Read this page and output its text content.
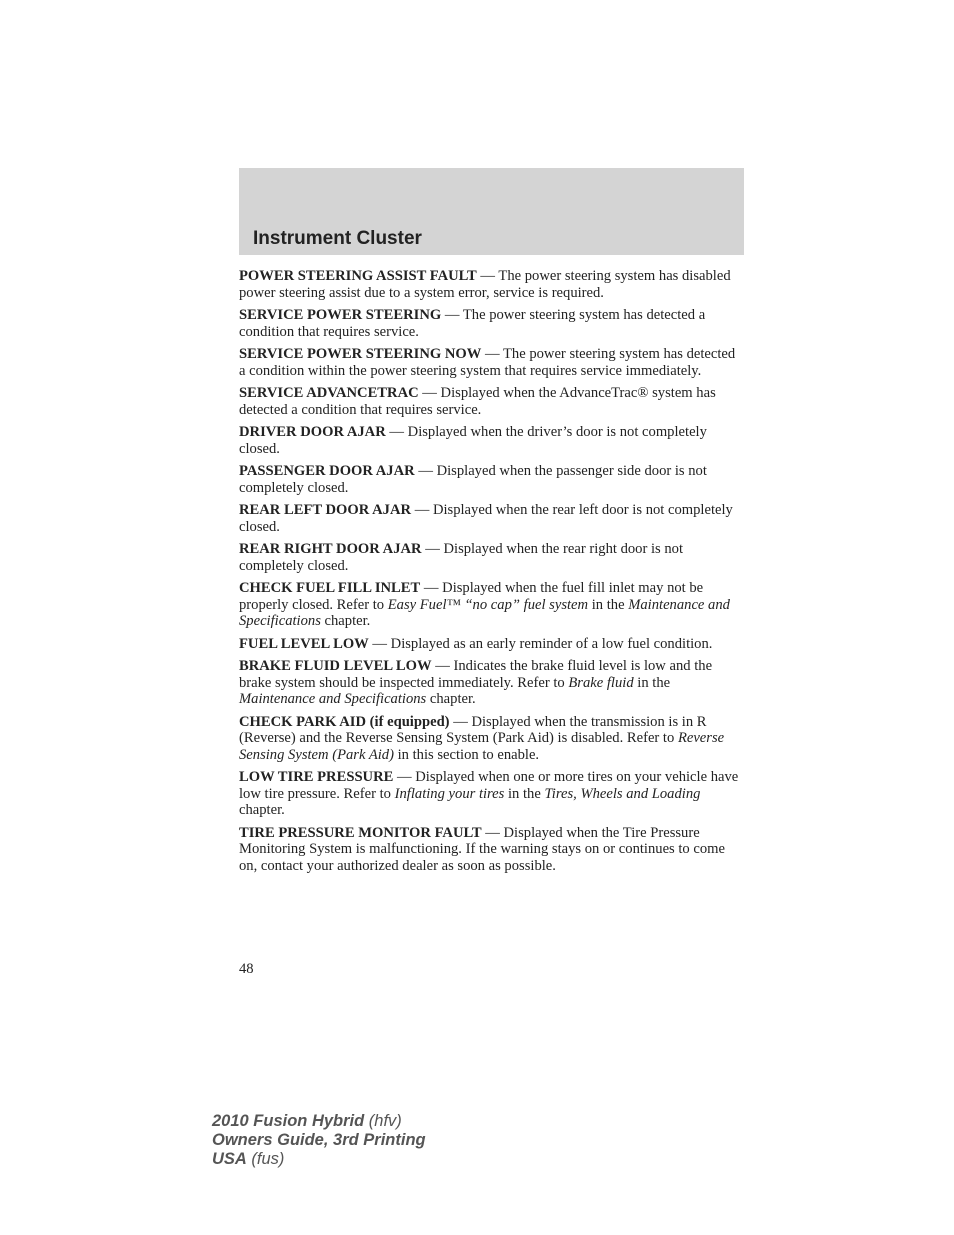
Instrument Cluster

POWER STEERING ASSIST FAULT — The power steering system has disabled power steering assist due to a system error, service is required.

SERVICE POWER STEERING — The power steering system has detected a condition that requires service.

SERVICE POWER STEERING NOW — The power steering system has detected a condition within the power steering system that requires service immediately.

SERVICE ADVANCETRAC — Displayed when the AdvanceTrac® system has detected a condition that requires service.

DRIVER DOOR AJAR — Displayed when the driver’s door is not completely closed.

PASSENGER DOOR AJAR — Displayed when the passenger side door is not completely closed.

REAR LEFT DOOR AJAR — Displayed when the rear left door is not completely closed.

REAR RIGHT DOOR AJAR — Displayed when the rear right door is not completely closed.

CHECK FUEL FILL INLET — Displayed when the fuel fill inlet may not be properly closed. Refer to Easy Fuel™ “no cap” fuel system in the Maintenance and Specifications chapter.

FUEL LEVEL LOW — Displayed as an early reminder of a low fuel condition.

BRAKE FLUID LEVEL LOW — Indicates the brake fluid level is low and the brake system should be inspected immediately. Refer to Brake fluid in the Maintenance and Specifications chapter.

CHECK PARK AID (if equipped) — Displayed when the transmission is in R (Reverse) and the Reverse Sensing System (Park Aid) is disabled. Refer to Reverse Sensing System (Park Aid) in this section to enable.

LOW TIRE PRESSURE — Displayed when one or more tires on your vehicle have low tire pressure. Refer to Inflating your tires in the Tires, Wheels and Loading chapter.

TIRE PRESSURE MONITOR FAULT — Displayed when the Tire Pressure Monitoring System is malfunctioning. If the warning stays on or continues to come on, contact your authorized dealer as soon as possible.

48
2010 Fusion Hybrid (hfv)
Owners Guide, 3rd Printing
USA (fus)
